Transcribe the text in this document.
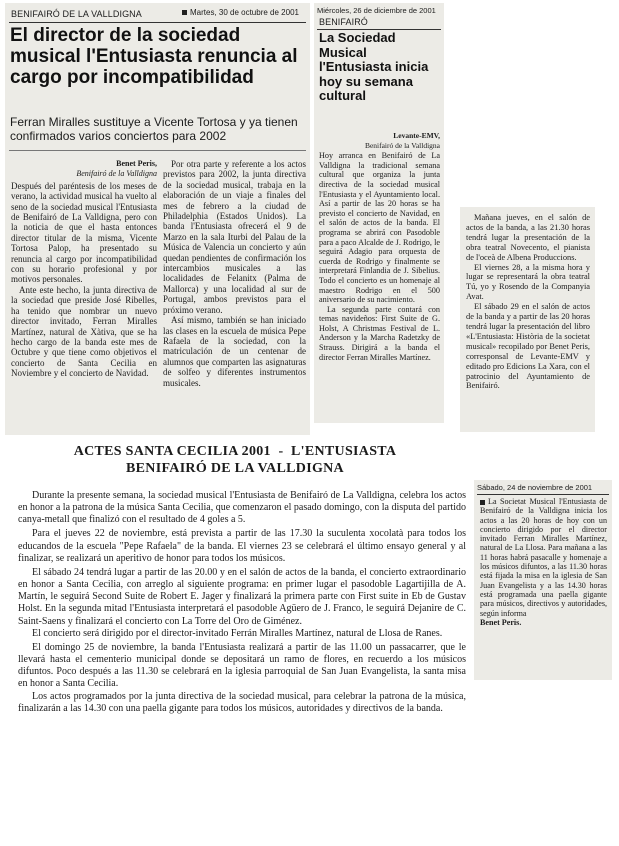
BENIFAIRÓ DE LA VALLDIGNA	Martes, 30 de octubre de 2001
El director de la sociedad musical l'Entusiasta renuncia al cargo por incompatibilidad
Ferran Miralles sustituye a Vicente Tortosa y ya tienen confirmados varios conciertos para 2002
Benet Peris,
Benifairó de la Valldigna

Después del paréntesis de los meses de verano, la actividad musical ha vuelto al seno de la sociedad musical l'Entusiasta de Benifairó de La Valldigna, pero con la noticia de que el hasta entonces director titular de la misma, Vicente Tortosa Palop, ha presentado su renuncia al cargo por incompatibilidad con su horario profesional y por motivos personales.

Ante este hecho, la junta directiva de la sociedad que preside José Ribelles, ha tenido que nombrar un nuevo director invitado, Ferran Miralles Martínez, natural de Xàtiva, que se ha hecho cargo de la banda este mes de Octubre y que tiene como objetivos el concierto de Santa Cecilia en Noviembre y el concierto de Navidad.

Por otra parte y referente a los actos previstos para 2002, la junta directiva de la sociedad musical, trabaja en la elaboración de un viaje a finales del mes de febrero a la ciudad de Philadelphia (Estados Unidos). La banda l'Entusiasta ofrecerá el 9 de Marzo en la sala Iturbi del Palau de la Música de Valencia un concierto y aún quedan pendientes de confirmación los intercambios musicales a las localidades de Felanitx (Palma de Mallorca) y una localidad al sur de Portugal, ambos previstos para el próximo verano.

Así mismo, también se han iniciado las clases en la escuela de música Pepe Rafaela de la sociedad, con la matriculación de un centenar de alumnos que comparten las asignaturas de solfeo y diferentes instrumentos musicales.

Miércoles, 26 de diciembre de 2001
BENIFAIRÓ
La Sociedad Musical l'Entusiasta inicia hoy su semana cultural
Levante-EMV,
Benifairó de la Valldigna

Hoy arranca en Benifairó de La Valldigna la tradicional semana cultural que organiza la junta directiva de la sociedad musical l'Entusiasta y el Ayuntamiento local. Así a partir de las 20 horas se ha previsto el concierto de Navidad, en el salón de actos de la banda. El programa se abrirá con Pasodoble para a paco Alcalde de J. Rodrigo, le seguirá Adagio para orquesta de cuerda de Rodrigo y finalmente se interpretará Finlandia de J. Sibelius. Todo el concierto es un homenaje al maestro Rodrigo en el 500 aniversario de su nacimiento.

La segunda parte contará con temas navideños: First Suite de G. Holst, A Christmas Festival de L. Anderson y la Marcha Radetzky de Strauss. Dirigirá a la banda el director Ferran Miralles Martínez.

Mañana jueves, en el salón de actos de la banda, a las 21.30 horas tendrá lugar la presentación de la obra teatral Novecento, el pianista de l'oceà de Albena Produccions.

El viernes 28, a la misma hora y lugar se representará la obra teatral Tú, yo y Rosendo de la Companyia Avat.

El sábado 29 en el salón de actos de la banda y a partir de las 20 horas tendrá lugar la presentación del libro «L'Entusiasta: Història de la societat musical» recopilado por Benet Peris, corresponsal de Levante-EMV y editado pro Edicions La Xara, con el patrocinio del Ayuntamiento de Benifairó.

ACTES SANTA CECILIA 2001  -  L'ENTUSIASTA
BENIFAIRÓ DE LA VALLDIGNA
Sábado, 24 de noviembre de 2001

La Societat Musical l'Entusiasta de Benifairó de la Valldigna inicia los actos a las 20 horas de hoy con un concierto dirigido por el director invitado Ferran Miralles Martínez, natural de La Llosa. Para mañana a las 11 horas habrá pasacalle y homenaje a los músicos difuntos, a las 11.30 horas está fijada la misa en la iglesia de San Juan Evangelista y a las 14.30 horas está programada una paella gigante para músicos, directivos y autoridades, según informa

Benet Peris.

Durante la presente semana, la sociedad musical l'Entusiasta de Benifairó de La Valldigna, celebra los actos en honor a la patrona de la música Santa Cecilia, que comenzaron el pasado domingo, con la disputa del partido canya-metall que finalizó con el resultado de 4 goles a 5.

Para el jueves 22 de noviembre, está prevista a partir de las 17.30 la suculenta xocolatà para todos los educandos de la escuela "Pepe Rafaela" de la banda. El viernes 23 se celebrará el último ensayo general y al finalizar, se realizará un aperitivo de honor para todos los músicos.

El sábado 24 tendrá lugar a partir de las 20.00 y en el salón de actos de la banda, el concierto extraordinario en honor a Santa Cecilia, con arreglo al siguiente programa: en primer lugar el pasodoble Lagartijilla de A. Martín, le seguirá Second Suite de Robert E. Jager y finalizará la primera parte con First suite in Eb de Gustav Holst. En la segunda mitad l'Entusiasta interpretará el pasodoble Agüero de J. Franco, le seguirá Dejanire de C. Saint-Saens y finalizará el concierto con La Torre del Oro de Giménez.

El concierto será dirigido por el director-invitado Ferrán Miralles Martínez, natural de Llosa de Ranes.

El domingo 25 de noviembre, la banda l'Entusiasta realizará a partir de las 11.00 un passacarrer, que le llevará hasta el cementerio municipal donde se depositará un ramo de flores, en recuerdo a los músicos difuntos. Poco después a las 11.30 se celebrará en la iglesia parroquial de San Juan Evangelista, la santa misa en honor a Santa Cecilia.

Los actos programados por la junta directiva de la sociedad musical, para celebrar la patrona de la música, finalizarán a las 14.30 con una paella gigante para todos los músicos, autoridades y directivos de la banda.
